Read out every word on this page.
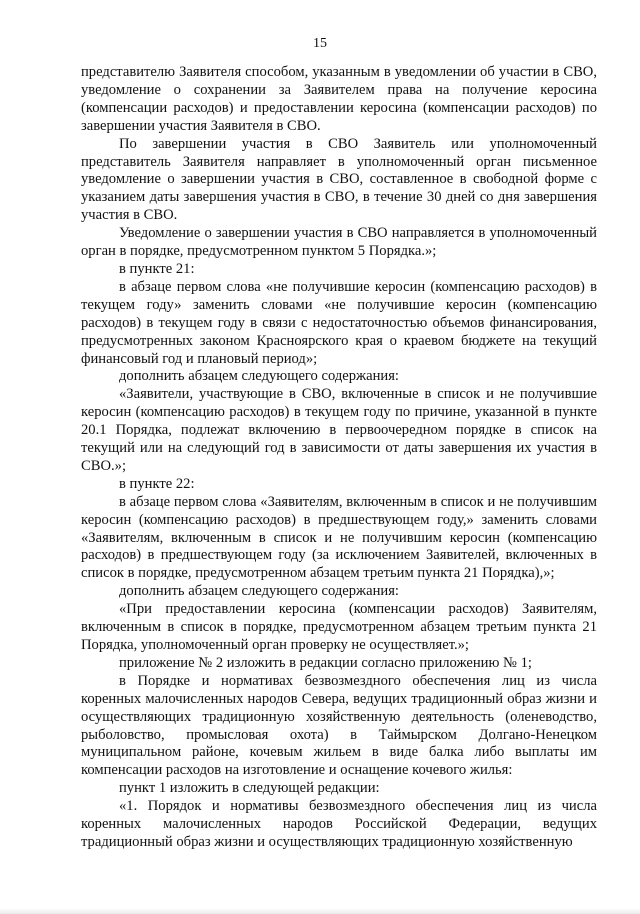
15

представителю Заявителя способом, указанным в уведомлении об участии в СВО, уведомление о сохранении за Заявителем права на получение керосина (компенсации расходов) и предоставлении керосина (компенсации расходов) по завершении участия Заявителя в СВО.

По завершении участия в СВО Заявитель или уполномоченный представитель Заявителя направляет в уполномоченный орган письменное уведомление о завершении участия в СВО, составленное в свободной форме с указанием даты завершения участия в СВО, в течение 30 дней со дня завершения участия в СВО.

Уведомление о завершении участия в СВО направляется в уполномоченный орган в порядке, предусмотренном пунктом 5 Порядка.»;

в пункте 21:

в абзаце первом слова «не получившие керосин (компенсацию расходов) в текущем году» заменить словами «не получившие керосин (компенсацию расходов) в текущем году в связи с недостаточностью объемов финансирования, предусмотренных законом Красноярского края о краевом бюджете на текущий финансовый год и плановый период»;

дополнить абзацем следующего содержания:

«Заявители, участвующие в СВО, включенные в список и не получившие керосин (компенсацию расходов) в текущем году по причине, указанной в пункте 20.1 Порядка, подлежат включению в первоочередном порядке в список на текущий или на следующий год в зависимости от даты завершения их участия в СВО.»;

в пункте 22:

в абзаце первом слова «Заявителям, включенным в список и не получившим керосин (компенсацию расходов) в предшествующем году,» заменить словами «Заявителям, включенным в список и не получившим керосин (компенсацию расходов) в предшествующем году (за исключением Заявителей, включенных в список в порядке, предусмотренном абзацем третьим пункта 21 Порядка),»;

дополнить абзацем следующего содержания:

«При предоставлении керосина (компенсации расходов) Заявителям, включенным в список в порядке, предусмотренном абзацем третьим пункта 21 Порядка, уполномоченный орган проверку не осуществляет.»;

приложение № 2 изложить в редакции согласно приложению № 1;

в Порядке и нормативах безвозмездного обеспечения лиц из числа коренных малочисленных народов Севера, ведущих традиционный образ жизни и осуществляющих традиционную хозяйственную деятельность (оленеводство, рыболовство, промысловая охота) в Таймырском Долгано-Ненецком муниципальном районе, кочевым жильем в виде балка либо выплаты им компенсации расходов на изготовление и оснащение кочевого жилья:

пункт 1 изложить в следующей редакции:

«1. Порядок и нормативы безвозмездного обеспечения лиц из числа коренных малочисленных народов Российской Федерации, ведущих традиционный образ жизни и осуществляющих традиционную хозяйственную
